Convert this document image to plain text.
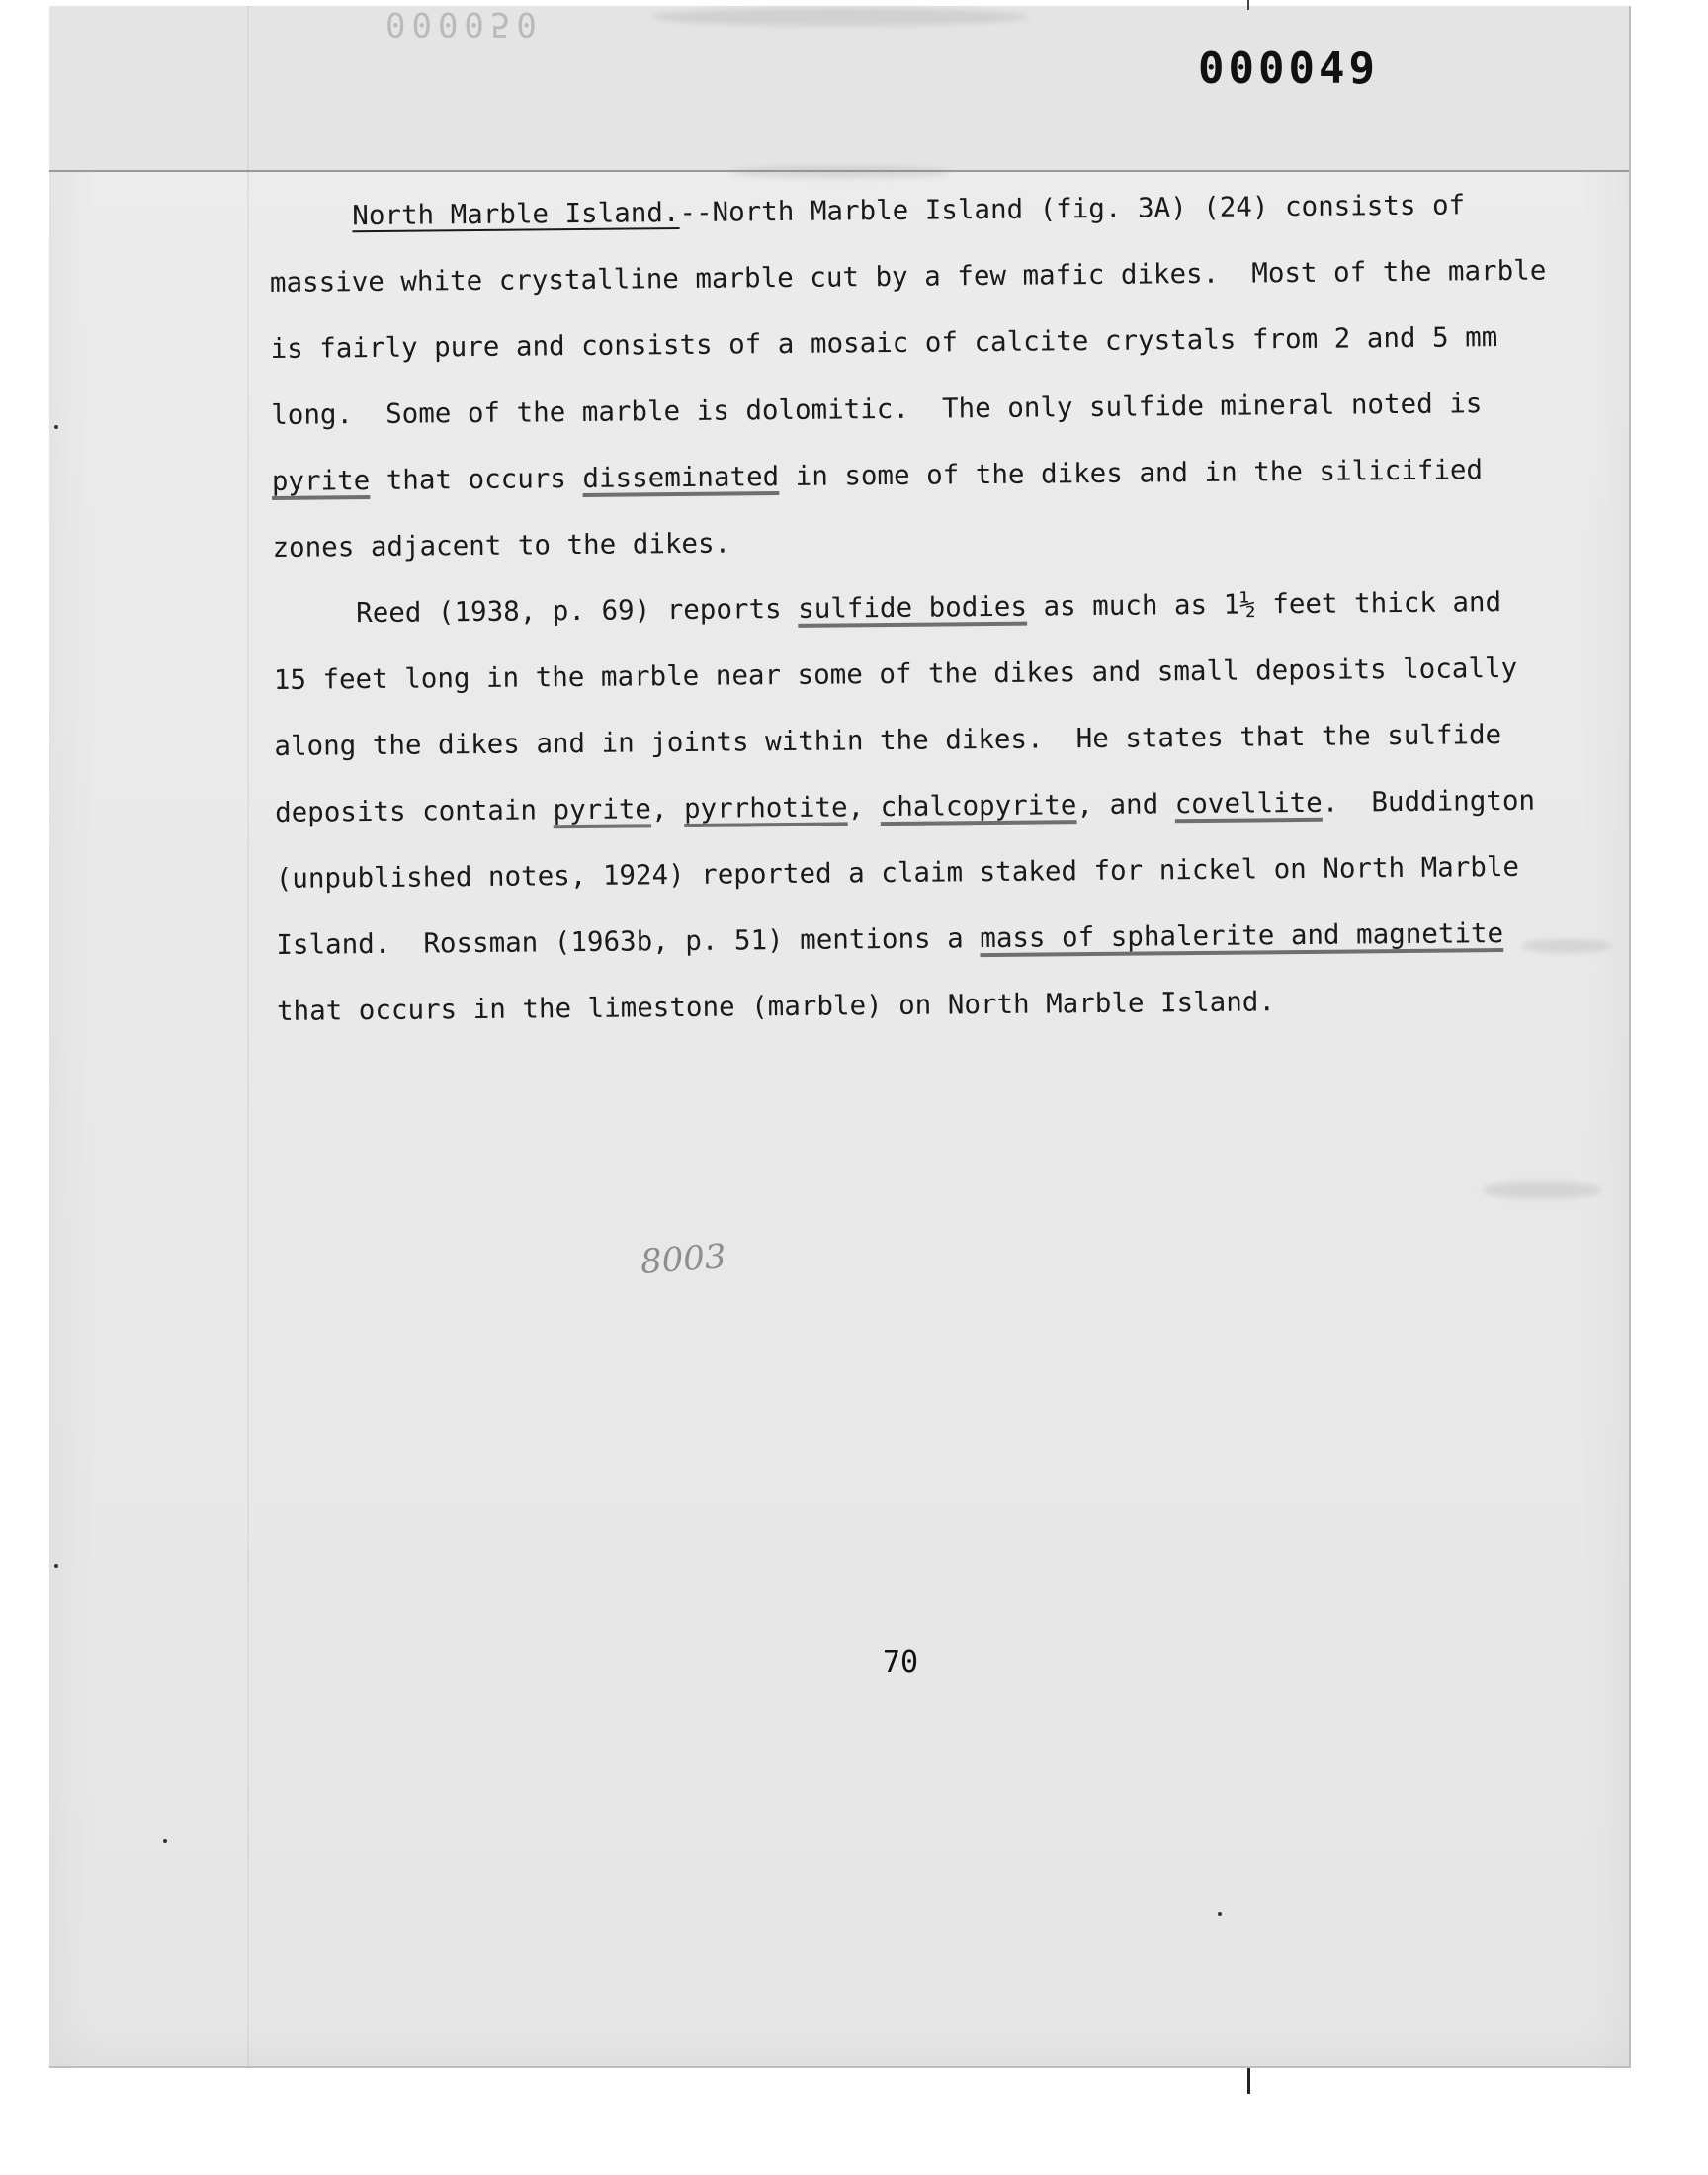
000050
000049
North Marble Island.--North Marble Island (fig. 3A) (24) consists of
massive white crystalline marble cut by a few mafic dikes.  Most of the marble
is fairly pure and consists of a mosaic of calcite crystals from 2 and 5 mm
long.  Some of the marble is dolomitic.  The only sulfide mineral noted is
pyrite that occurs disseminated in some of the dikes and in the silicified
zones adjacent to the dikes.
Reed (1938, p. 69) reports sulfide bodies as much as 1½ feet thick and
15 feet long in the marble near some of the dikes and small deposits locally
along the dikes and in joints within the dikes.  He states that the sulfide
deposits contain pyrite, pyrrhotite, chalcopyrite, and covellite.  Buddington
(unpublished notes, 1924) reported a claim staked for nickel on North Marble
Island.  Rossman (1963b, p. 51) mentions a mass of sphalerite and magnetite
that occurs in the limestone (marble) on North Marble Island.
8003
70
